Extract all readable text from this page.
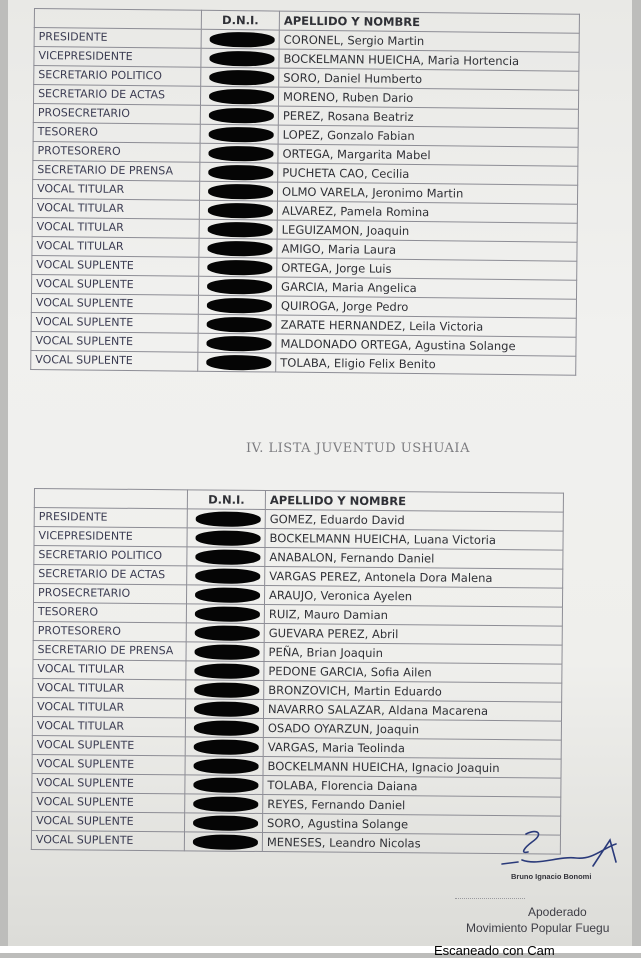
	D.N.I.	APELLIDO Y NOMBRE
PRESIDENTE		CORONEL, Sergio Martin
VICEPRESIDENTE		BOCKELMANN HUEICHA, Maria Hortencia
SECRETARIO POLITICO		SORO, Daniel Humberto
SECRETARIO DE ACTAS		MORENO, Ruben Dario
PROSECRETARIO		PEREZ, Rosana Beatriz
TESORERO		LOPEZ, Gonzalo Fabian
PROTESORERO		ORTEGA, Margarita Mabel
SECRETARIO DE PRENSA		PUCHETA CAO, Cecilia
VOCAL TITULAR		OLMO VARELA, Jeronimo Martin
VOCAL TITULAR		ALVAREZ, Pamela Romina
VOCAL TITULAR		LEGUIZAMON, Joaquin
VOCAL TITULAR		AMIGO, Maria Laura
VOCAL SUPLENTE		ORTEGA, Jorge Luis
VOCAL SUPLENTE		GARCIA, Maria Angelica
VOCAL SUPLENTE		QUIROGA, Jorge Pedro
VOCAL SUPLENTE		ZARATE HERNANDEZ, Leila Victoria
VOCAL SUPLENTE		MALDONADO ORTEGA, Agustina Solange
VOCAL SUPLENTE		TOLABA, Eligio Felix Benito
IV. LISTA JUVENTUD USHUAIA
	D.N.I.	APELLIDO Y NOMBRE
PRESIDENTE		GOMEZ, Eduardo David
VICEPRESIDENTE		BOCKELMANN HUEICHA, Luana Victoria
SECRETARIO POLITICO		ANABALON, Fernando Daniel
SECRETARIO DE ACTAS		VARGAS PEREZ, Antonela Dora Malena
PROSECRETARIO		ARAUJO, Veronica Ayelen
TESORERO		RUIZ, Mauro Damian
PROTESORERO		GUEVARA PEREZ, Abril
SECRETARIO DE PRENSA		PEÑA, Brian Joaquin
VOCAL TITULAR		PEDONE GARCIA, Sofia Ailen
VOCAL TITULAR		BRONZOVICH, Martin Eduardo
VOCAL TITULAR		NAVARRO SALAZAR, Aldana Macarena
VOCAL TITULAR		OSADO OYARZUN, Joaquin
VOCAL SUPLENTE		VARGAS, Maria Teolinda
VOCAL SUPLENTE		BOCKELMANN HUEICHA, Ignacio Joaquin
VOCAL SUPLENTE		TOLABA, Florencia Daiana
VOCAL SUPLENTE		REYES, Fernando Daniel
VOCAL SUPLENTE		SORO, Agustina Solange
VOCAL SUPLENTE		MENESES, Leandro Nicolas
Bruno Ignacio Bonomi
Apoderado
Movimiento Popular Fuegu
Escaneado con Cam
